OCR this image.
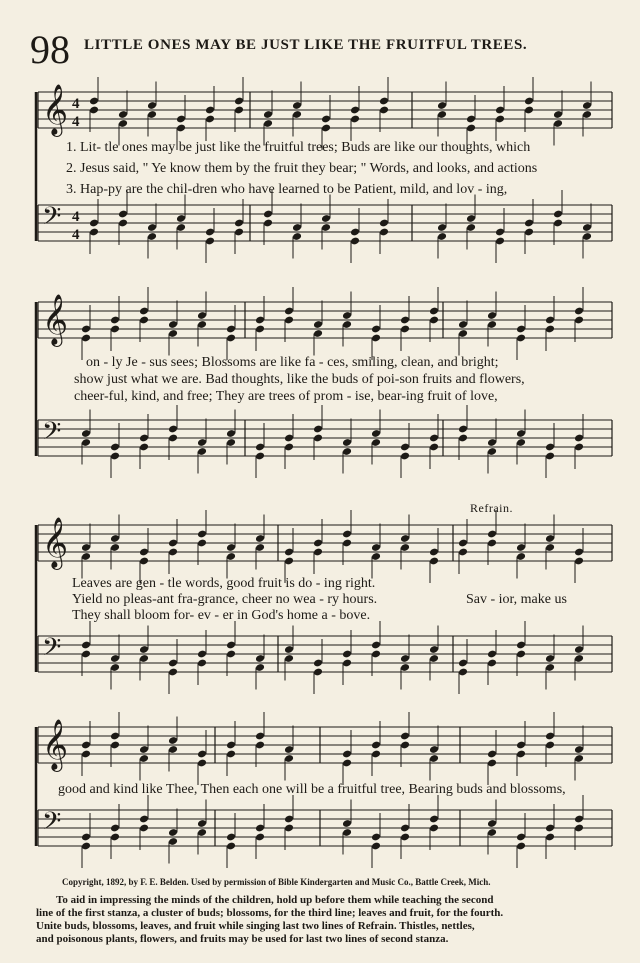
98 LITTLE ONES MAY BE JUST LIKE THE FRUITFUL TREES.
𝄞 4
4
𝄢 4
4
𝄞
𝄢
𝄞
𝄢
𝄞
𝄢
1. Lit- tle ones may be just like the fruitful trees; Buds are like our thoughts, which
2. Jesus said, " Ye know them by the fruit they bear; " Words, and looks, and actions
3. Hap-py are the chil-dren who have learned to be Patient, mild, and lov - ing,
on - ly Je - sus sees; Blossoms are like fa - ces, smiling, clean, and bright;
show just what we are. Bad thoughts, like the buds of poi-son fruits and flowers,
cheer-ful, kind, and free; They are trees of prom - ise, bear-ing fruit of love,
Refrain.
Leaves are gen - tle words, good fruit is do - ing right.
Yield no pleas-ant fra-grance, cheer no wea - ry hours.
They shall bloom for- ev - er in God's home a - bove.
Sav - ior, make us
good and kind like Thee, Then each one will be a fruitful tree, Bearing buds and blossoms,
Copyright, 1892, by F. E. Belden. Used by permission of Bible Kindergarten and Music Co., Battle Creek, Mich.
To aid in impressing the minds of the children, hold up before them while teaching the second
line of the first stanza, a cluster of buds; blossoms, for the third line; leaves and fruit, for the fourth.
Unite buds, blossoms, leaves, and fruit while singing last two lines of Refrain. Thistles, nettles,
and poisonous plants, flowers, and fruits may be used for last two lines of second stanza.
